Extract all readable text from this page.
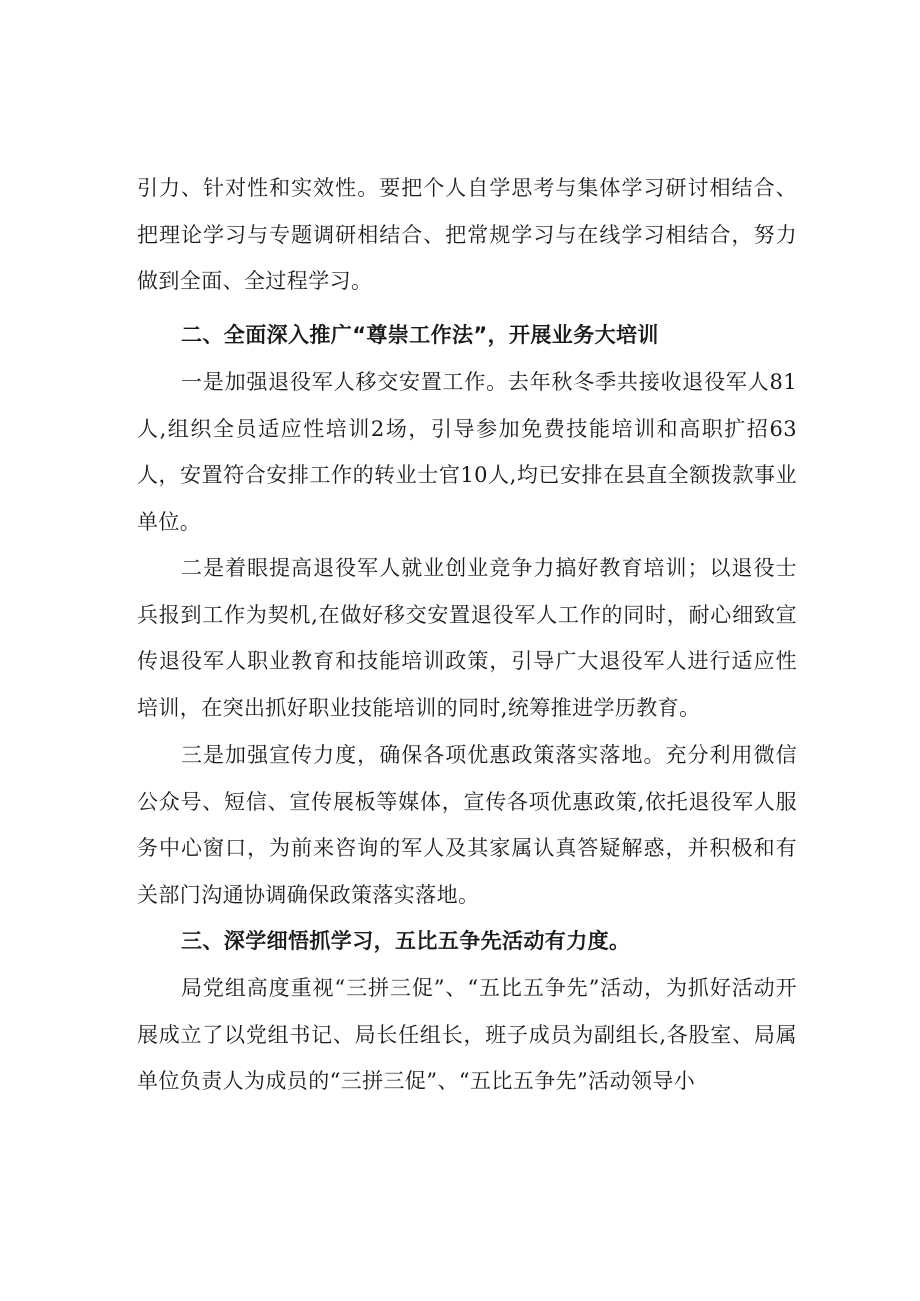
引力、针对性和实效性。要把个人自学思考与集体学习研讨相结合、把理论学习与专题调研相结合、把常规学习与在线学习相结合，努力做到全面、全过程学习。

二、全面深入推广“尊崇工作法”，开展业务大培训

一是加强退役军人移交安置工作。去年秋冬季共接收退役军人81人,组织全员适应性培训2场，引导参加免费技能培训和高职扩招63人，安置符合安排工作的转业士官10人,均已安排在县直全额拨款事业单位。

二是着眼提高退役军人就业创业竞争力搞好教育培训；以退役士兵报到工作为契机,在做好移交安置退役军人工作的同时，耐心细致宣传退役军人职业教育和技能培训政策，引导广大退役军人进行适应性培训，在突出抓好职业技能培训的同时,统筹推进学历教育。

三是加强宣传力度，确保各项优惠政策落实落地。充分利用微信公众号、短信、宣传展板等媒体，宣传各项优惠政策,依托退役军人服务中心窗口，为前来咨询的军人及其家属认真答疑解惑，并积极和有关部门沟通协调确保政策落实落地。

三、深学细悟抓学习，五比五争先活动有力度。

局党组高度重视“三拼三促”、“五比五争先”活动，为抓好活动开展成立了以党组书记、局长任组长，班子成员为副组长,各股室、局属单位负责人为成员的“三拼三促”、“五比五争先”活动领导小
